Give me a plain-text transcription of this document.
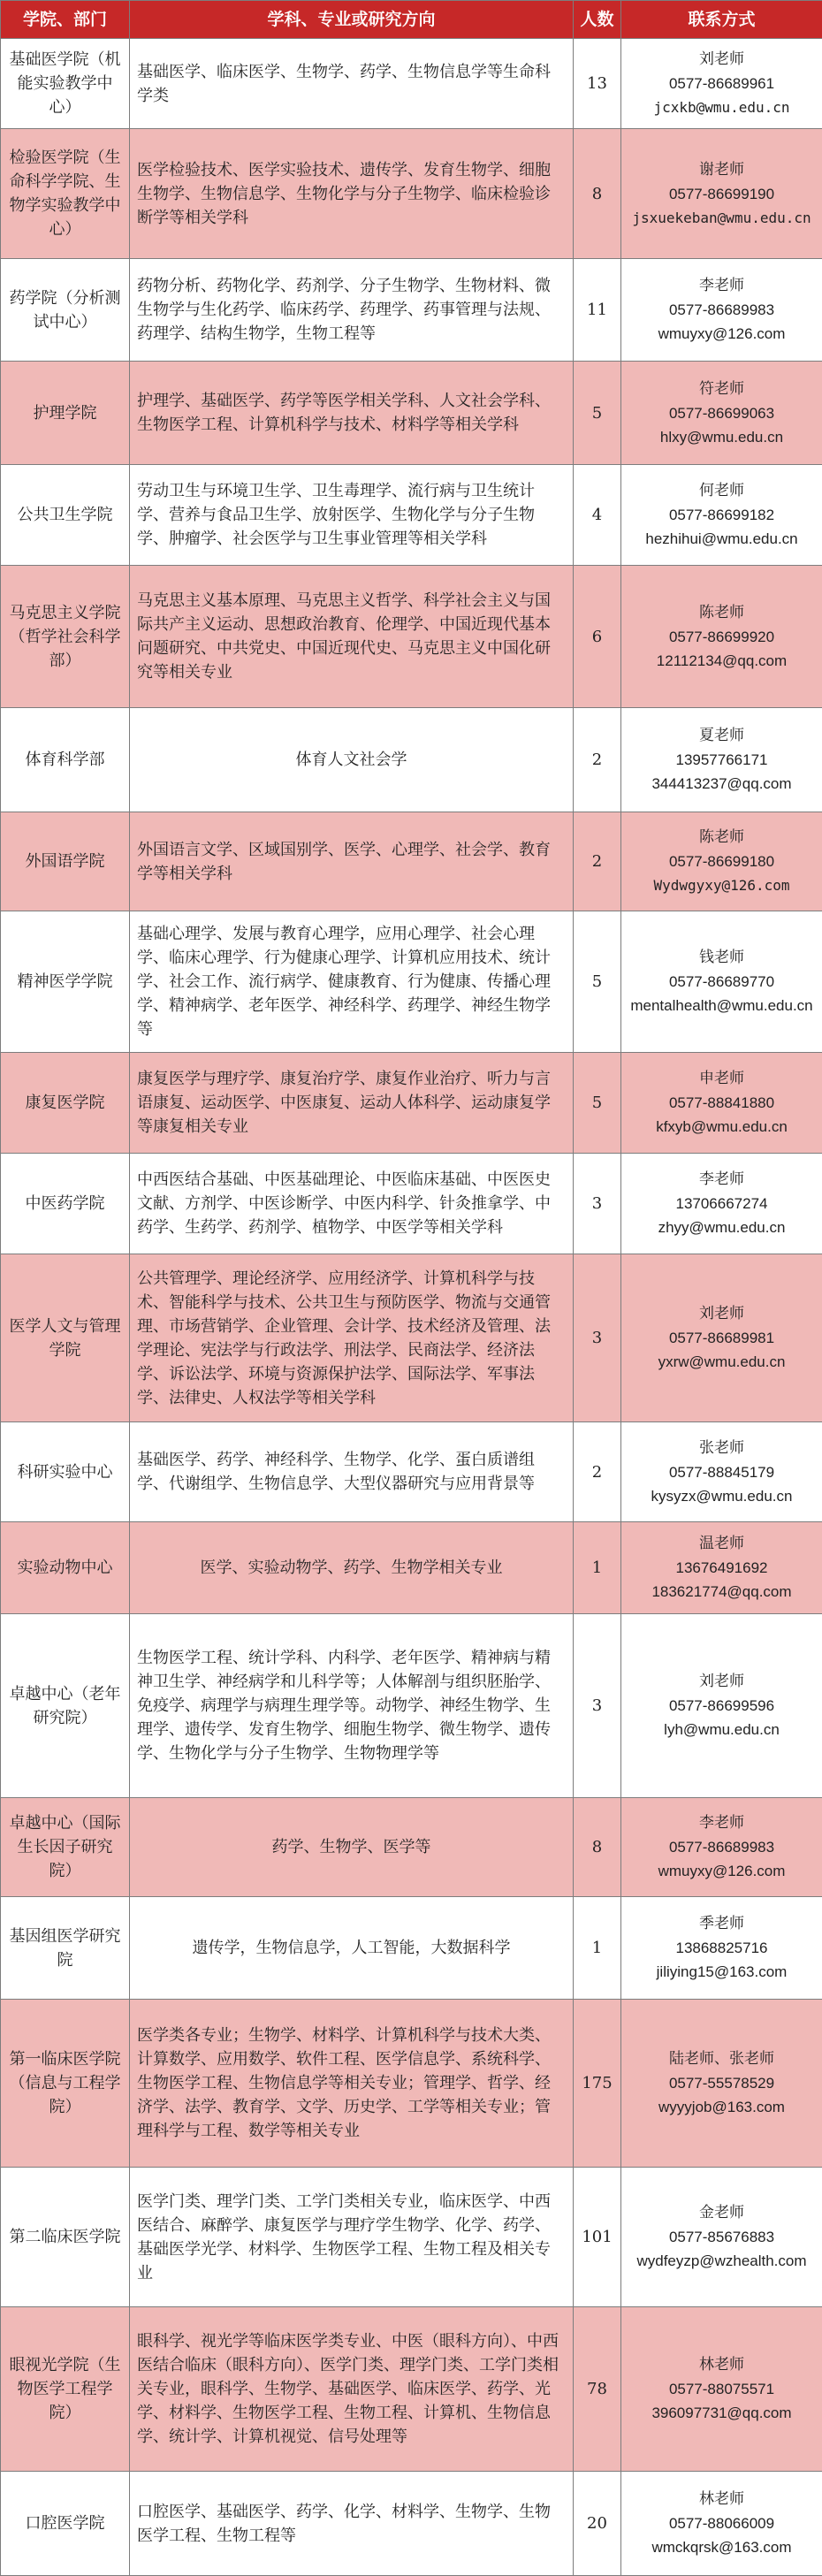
学院、部门	学科、专业或研究方向	人数	联系方式
基础医学院（机能实验教学中心）	基础医学、临床医学、生物学、药学、生物信息学等生命科学类	13	刘老师
0577-86689961
jcxkb@wmu.edu.cn

检验医学院（生命科学学院、生物学实验教学中心）	医学检验技术、医学实验技术、遗传学、发育生物学、细胞生物学、生物信息学、生物化学与分子生物学、临床检验诊断学等相关学科	8	谢老师
0577-86699190
jsxuekeban@wmu.edu.cn

药学院（分析测试中心）	药物分析、药物化学、药剂学、分子生物学、生物材料、微生物学与生化药学、临床药学、药理学、药事管理与法规、药理学、结构生物学，生物工程等	11	李老师
0577-86689983
wmuyxy@126.com

护理学院	护理学、基础医学、药学等医学相关学科、人文社会学科、生物医学工程、计算机科学与技术、材料学等相关学科	5	符老师
0577-86699063
hlxy@wmu.edu.cn

公共卫生学院	劳动卫生与环境卫生学、卫生毒理学、流行病与卫生统计学、营养与食品卫生学、放射医学、生物化学与分子生物学、肿瘤学、社会医学与卫生事业管理等相关学科	4	何老师
0577-86699182
hezhihui@wmu.edu.cn

马克思主义学院（哲学社会科学部）	马克思主义基本原理、马克思主义哲学、科学社会主义与国际共产主义运动、思想政治教育、伦理学、中国近现代基本问题研究、中共党史、中国近现代史、马克思主义中国化研究等相关专业	6	陈老师
0577-86699920
12112134@qq.com

体育科学部	体育人文社会学	2	夏老师
13957766171
344413237@qq.com

外国语学院	外国语言文学、区域国别学、医学、心理学、社会学、教育学等相关学科	2	陈老师
0577-86699180
Wydwgyxy@126.com

精神医学学院	基础心理学、发展与教育心理学，应用心理学、社会心理学、临床心理学、行为健康心理学、计算机应用技术、统计学、社会工作、流行病学、健康教育、行为健康、传播心理学、精神病学、老年医学、神经科学、药理学、神经生物学等	5	钱老师
0577-86689770
mentalhealth@wmu.edu.cn

康复医学院	康复医学与理疗学、康复治疗学、康复作业治疗、听力与言语康复、运动医学、中医康复、运动人体科学、运动康复学等康复相关专业	5	申老师
0577-88841880
kfxyb@wmu.edu.cn

中医药学院	中西医结合基础、中医基础理论、中医临床基础、中医医史文献、方剂学、中医诊断学、中医内科学、针灸推拿学、中药学、生药学、药剂学、植物学、中医学等相关学科	3	李老师
13706667274
zhyy@wmu.edu.cn

医学人文与管理学院	公共管理学、理论经济学、应用经济学、计算机科学与技术、智能科学与技术、公共卫生与预防医学、物流与交通管理、市场营销学、企业管理、会计学、技术经济及管理、法学理论、宪法学与行政法学、刑法学、民商法学、经济法学、诉讼法学、环境与资源保护法学、国际法学、军事法学、法律史、人权法学等相关学科	3	刘老师
0577-86689981
yxrw@wmu.edu.cn

科研实验中心	基础医学、药学、神经科学、生物学、化学、蛋白质谱组学、代谢组学、生物信息学、大型仪器研究与应用背景等	2	张老师
0577-88845179
kysyzx@wmu.edu.cn

实验动物中心	医学、实验动物学、药学、生物学相关专业	1	温老师
13676491692
183621774@qq.com

卓越中心（老年研究院）	生物医学工程、统计学科、内科学、老年医学、精神病与精神卫生学、神经病学和儿科学等；人体解剖与组织胚胎学、免疫学、病理学与病理生理学等。动物学、神经生物学、生理学、遗传学、发育生物学、细胞生物学、微生物学、遗传学、生物化学与分子生物学、生物物理学等	3	刘老师
0577-86699596
lyh@wmu.edu.cn

卓越中心（国际生长因子研究院）	药学、生物学、医学等	8	李老师
0577-86689983
wmuyxy@126.com

基因组医学研究院	遗传学，生物信息学，人工智能，大数据科学	1	季老师
13868825716
jiliying15@163.com

第一临床医学院（信息与工程学院）	医学类各专业；生物学、材料学、计算机科学与技术大类、计算数学、应用数学、软件工程、医学信息学、系统科学、生物医学工程、生物信息学等相关专业；管理学、哲学、经济学、法学、教育学、文学、历史学、工学等相关专业；管理科学与工程、数学等相关专业	175	陆老师、张老师
0577-55578529
wyyyjob@163.com

第二临床医学院	医学门类、理学门类、工学门类相关专业，临床医学、中西医结合、麻醉学、康复医学与理疗学生物学、化学、药学、基础医学光学、材料学、生物医学工程、生物工程及相关专业	101	金老师
0577-85676883
wydfeyzp@wzhealth.com

眼视光学院（生物医学工程学院）	眼科学、视光学等临床医学类专业、中医（眼科方向）、中西医结合临床（眼科方向）、医学门类、理学门类、工学门类相关专业，眼科学、生物学、基础医学、临床医学、药学、光学、材料学、生物医学工程、生物工程、计算机、生物信息学、统计学、计算机视觉、信号处理等	78	林老师
0577-88075571
396097731@qq.com

口腔医学院	口腔医学、基础医学、药学、化学、材料学、生物学、生物医学工程、生物工程等	20	林老师
0577-88066009
wmckqrsk@163.com
